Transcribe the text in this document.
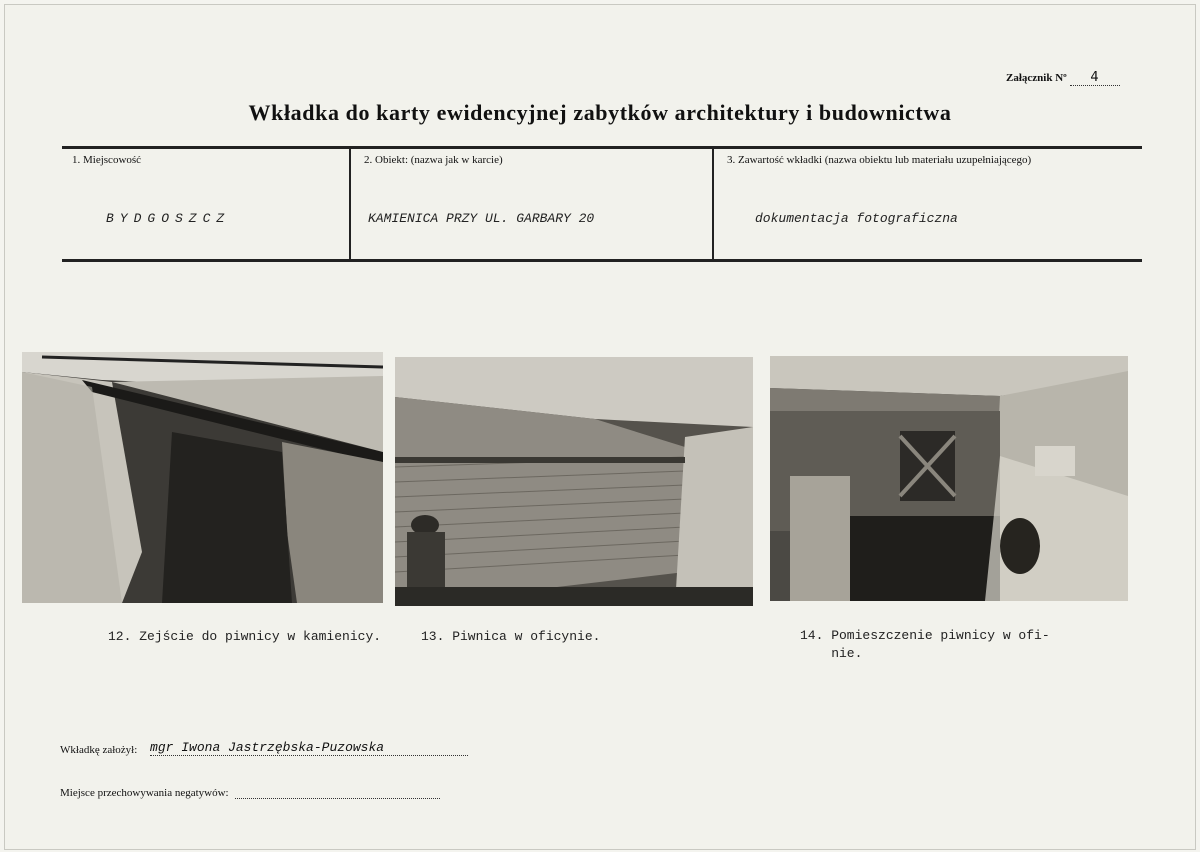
Załącznik Nº 4
Wkładka do karty ewidencyjnej zabytków architektury i budownictwa
1. Miejscowość	2. Obiekt: (nazwa jak w karcie)	3. Zawartość wkładki (nazwa obiektu lub materiału uzupełniającego)
BYDGOSZCZ	KAMIENICA PRZY UL. GARBARY 20	dokumentacja fotograficzna
12. Zejście do piwnicy w kamienicy.	13. Piwnica w oficynie.	14. Pomieszczenie piwnicy w ofi-
nie.
Wkładkę założył: mgr Iwona Jastrzębska-Puzowska
Miejsce przechowywania negatywów:
